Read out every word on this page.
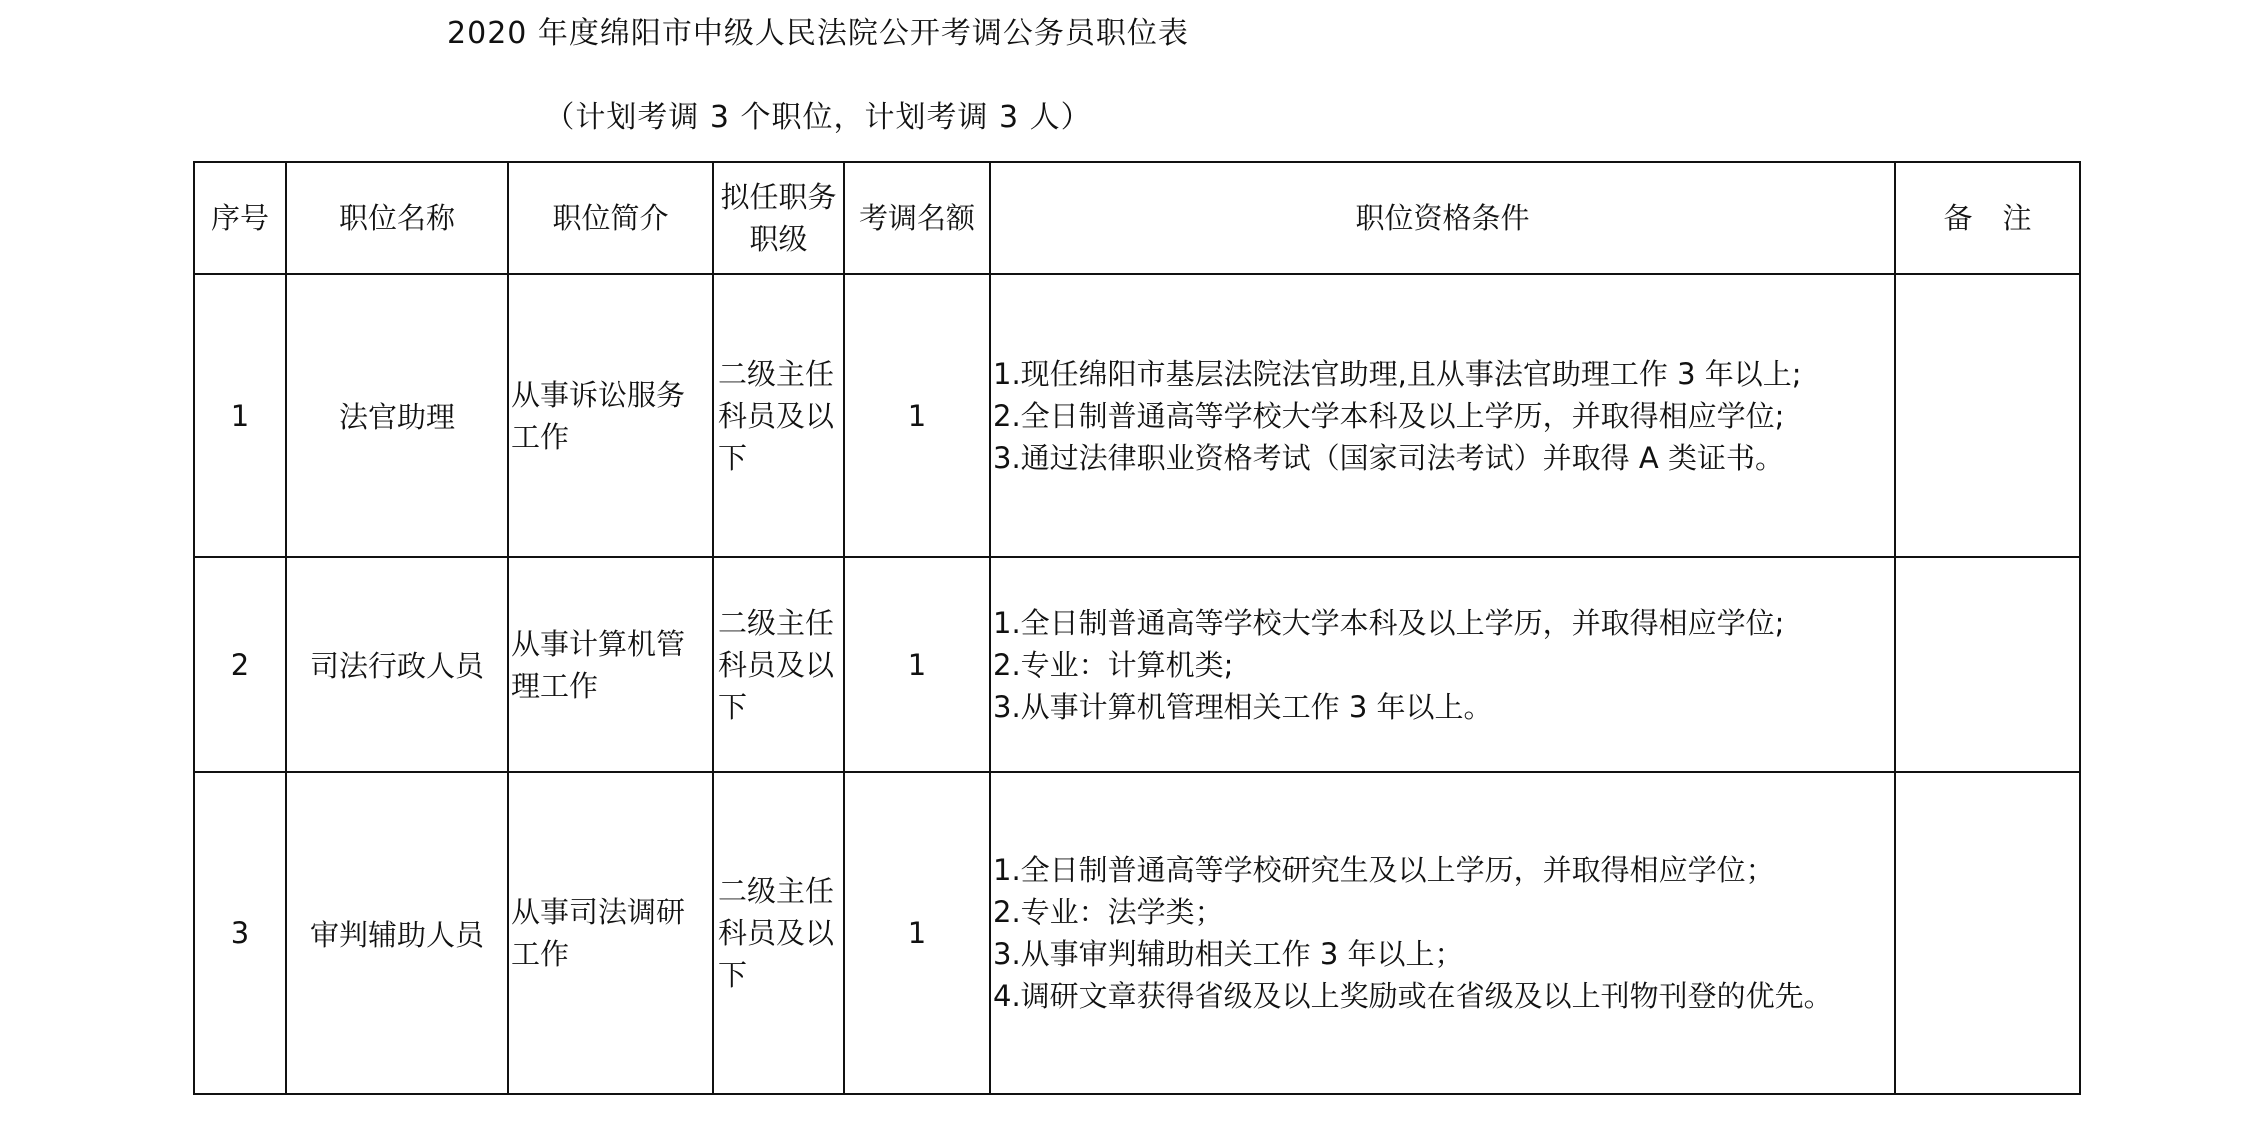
2020 年度绵阳市中级人民法院公开考调公务员职位表
（计划考调 3 个职位，计划考调 3 人）
序号	职位名称	职位简介	拟任职务职级	考调名额	职位资格条件	备注
1	法官助理	从事诉讼服务工作	二级主任科员及以下	1	1.现任绵阳市基层法院法官助理,且从事法官助理工作 3 年以上;
2.全日制普通高等学校大学本科及以上学历，并取得相应学位;
3.通过法律职业资格考试（国家司法考试）并取得 A 类证书。	

2	司法行政人员	从事计算机管理工作	二级主任科员及以下	1	1.全日制普通高等学校大学本科及以上学历，并取得相应学位;
2.专业：计算机类;
3.从事计算机管理相关工作 3 年以上。	

3	审判辅助人员	从事司法调研工作	二级主任科员及以下	1	1.全日制普通高等学校研究生及以上学历，并取得相应学位；
2.专业：法学类；
3.从事审判辅助相关工作 3 年以上；
4.调研文章获得省级及以上奖励或在省级及以上刊物刊登的优先。	
